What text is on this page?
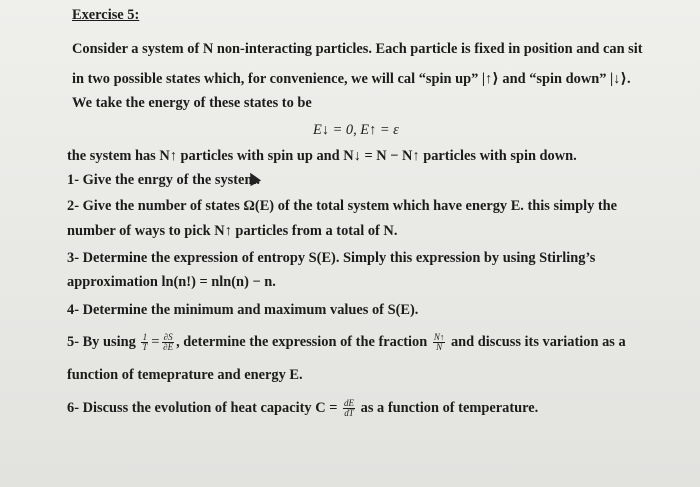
Exercise 5:
Consider a system of N non-interacting particles. Each particle is fixed in position and can sit
in two possible states which, for convenience, we will cal “spin up” |↑⟩ and “spin down” |↓⟩.
We take the energy of these states to be
E↓ = 0, E↑ = ε
the system has N↑ particles with spin up and N↓ = N − N↑ particles with spin down.
1- Give the enrgy of the system.
2- Give the number of states Ω(E) of the total system which have energy E. this simply the
number of ways to pick N↑ particles from a total of N.
3- Determine the expression of entropy S(E). Simply this expression by using Stirling’s
approximation ln(n!) = nln(n) − n.
4- Determine the minimum and maximum values of S(E).
5- By using $\frac{1}{T} = \frac{\partial S}{\partial E}$ , determine the expression of the fraction $\frac{N↑}{N}$ and discuss its variation as a
function of temeprature and energy E.
6- Discuss the evolution of heat capacity $C = \frac{dE}{dT}$ as a function of temperature.
